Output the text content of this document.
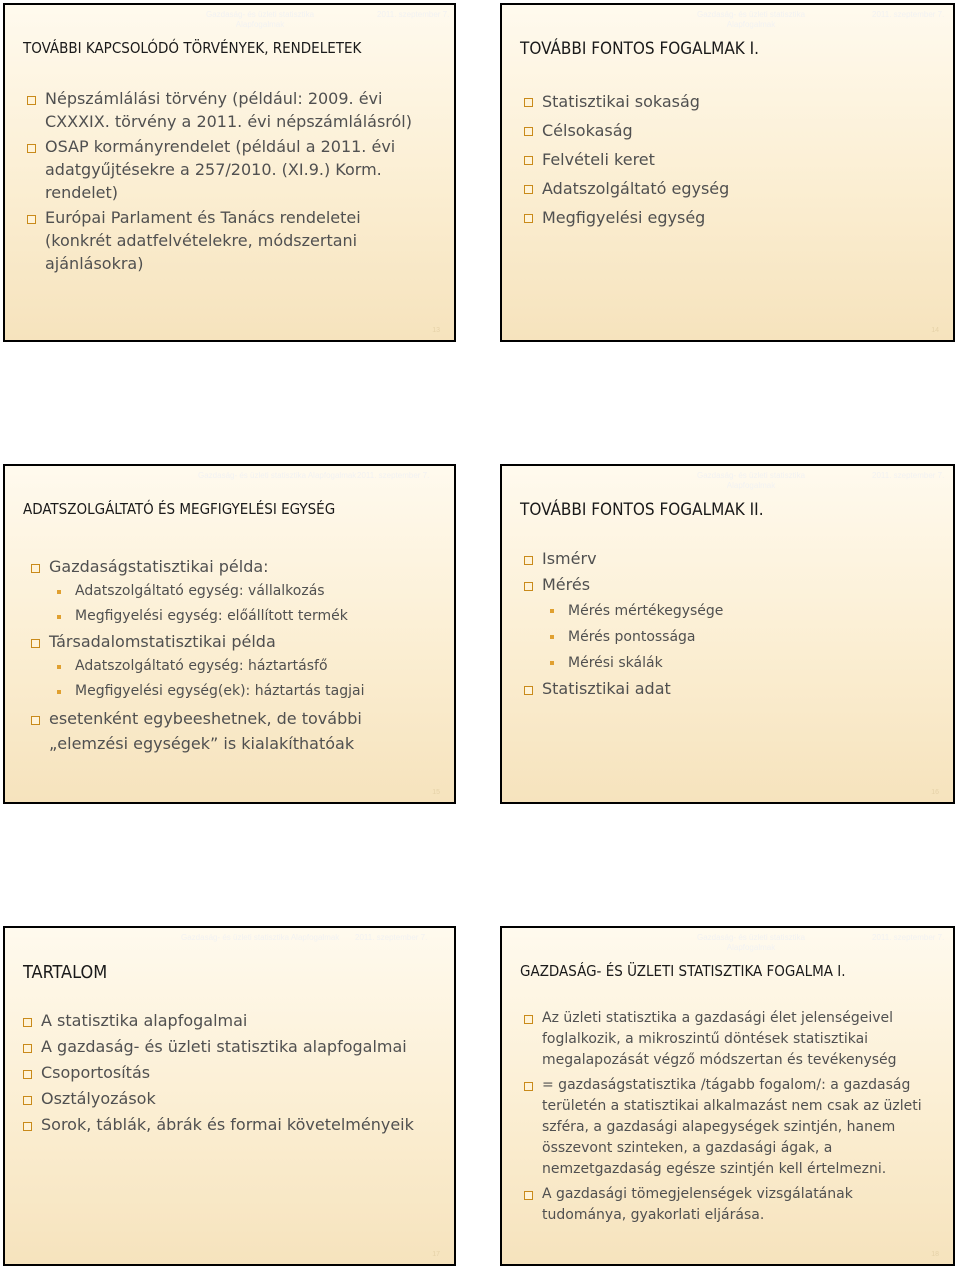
Gazdaság- és üzleti statisztika
Alapfogalmak
2011. szeptember 7.
TOVÁBBI KAPCSOLÓDÓ TÖRVÉNYEK, RENDELETEK
Népszámlálási törvény (például: 2009. évi CXXXIX. törvény a 2011. évi népszámlálásról)
OSAP kormányrendelet (például a 2011. évi adatgyűjtésekre a 257/2010. (XI.9.) Korm. rendelet)
Európai Parlament és Tanács rendeletei (konkrét adatfelvételekre, módszertani ajánlásokra)
13
Gazdaság- és üzleti statisztika
Alapfogalmak
2011. szeptember 7.
TOVÁBBI FONTOS FOGALMAK I.
Statisztikai sokaság
Célsokaság
Felvételi keret
Adatszolgáltató egység
Megfigyelési egység
14
Gazdaság- és üzleti statisztika Alapfogalmak 2011. szeptember 7.
ADATSZOLGÁLTATÓ ÉS MEGFIGYELÉSI EGYSÉG
Gazdaságstatisztikai példa:
Adatszolgáltató egység: vállalkozás
Megfigyelési egység: előállított termék
Társadalomstatisztikai példa
Adatszolgáltató egység: háztartásfő
Megfigyelési egység(ek): háztartás tagjai
esetenként egybeeshetnek, de további „elemzési egységek” is kialakíthatóak
15
Gazdaság- és üzleti statisztika
Alapfogalmak
2011. szeptember 7.
TOVÁBBI FONTOS FOGALMAK II.
Ismérv
Mérés
Mérés mértékegysége
Mérés pontossága
Mérési skálák
Statisztikai adat
16
Gazdaság- és üzleti statisztika Alapfogalmak 2011. szeptember 7.
TARTALOM
A statisztika alapfogalmai
A gazdaság- és üzleti statisztika alapfogalmai
Csoportosítás
Osztályozások
Sorok, táblák, ábrák és formai követelményeik
17
Gazdaság- és üzleti statisztika
Alapfogalmak
2011. szeptember 7.
GAZDASÁG- ÉS ÜZLETI STATISZTIKA FOGALMA I.
Az üzleti statisztika a gazdasági élet jelenségeivel foglalkozik, a mikroszintű döntések statisztikai megalapozását végző módszertan és tevékenység
= gazdaságstatisztika /tágabb fogalom/: a gazdaság területén a statisztikai alkalmazást nem csak az üzleti szféra, a gazdasági alapegységek szintjén, hanem összevont szinteken, a gazdasági ágak, a nemzetgazdaság egésze szintjén kell értelmezni.
A gazdasági tömegjelenségek vizsgálatának tudománya, gyakorlati eljárása.
18
